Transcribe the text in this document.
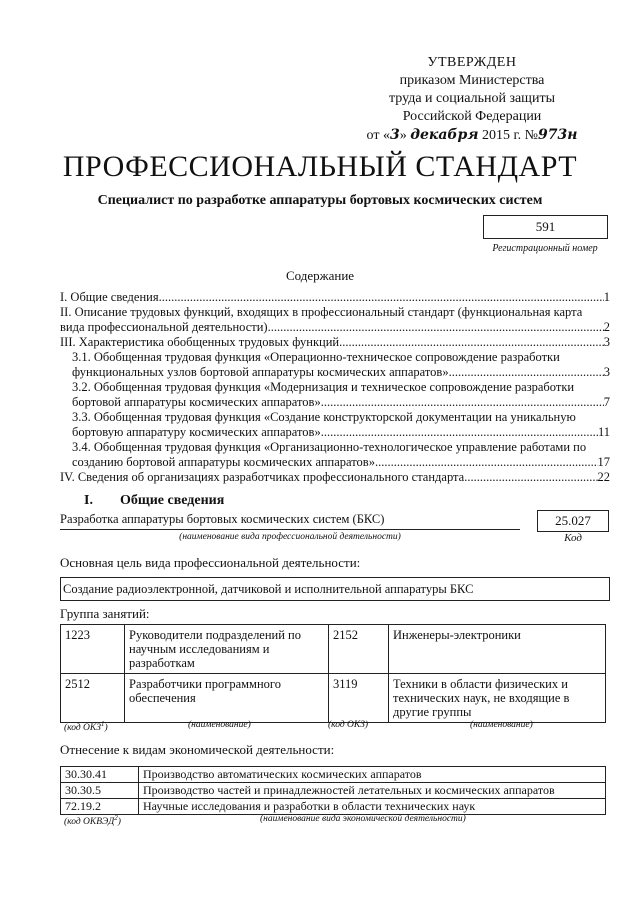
УТВЕРЖДЕН
приказом Министерства
труда и социальной защиты
Российской Федерации
от «3» декабря 2015 г. №973н
ПРОФЕССИОНАЛЬНЫЙ СТАНДАРТ
Специалист по разработке аппаратуры бортовых космических систем
591
Регистрационный номер
Содержание
I. Общие сведения .....	1
II. Описание трудовых функций, входящих в профессиональный стандарт (функциональная карта
вида профессиональной деятельности) .....	2
III. Характеристика обобщенных трудовых функций .....	3
3.1. Обобщенная трудовая функция «Операционно-техническое сопровождение разработки
функциональных узлов бортовой аппаратуры космических аппаратов» .....	3
3.2. Обобщенная трудовая функция «Модернизация и техническое сопровождение разработки
бортовой аппаратуры космических аппаратов» .....	7
3.3. Обобщенная трудовая функция «Создание конструкторской документации на уникальную
бортовую аппаратуру космических аппаратов» .....	11
3.4. Обобщенная трудовая функция «Организационно-технологическое управление работами по
созданию бортовой аппаратуры космических аппаратов» .....	17
IV. Сведения об организациях разработчиках профессионального стандарта .....	22
I. Общие сведения
Разработка аппаратуры бортовых космических систем (БКС)	25.027
(наименование вида профессиональной деятельности)	Код
Основная цель вида профессиональной деятельности:
Создание радиоэлектронной, датчиковой и исполнительной аппаратуры БКС
Группа занятий:
1223	Руководители подразделений по научным исследованиям и разработкам	2152	Инженеры-электроники
2512	Разработчики программного обеспечения	3119	Техники в области физических и технических наук, не входящие в другие группы
(код ОКЗ$^1$)	(наименование)	(код ОКЗ)	(наименование)
Отнесение к видам экономической деятельности:
30.30.41	Производство автоматических космических аппаратов
30.30.5	Производство частей и принадлежностей летательных и космических аппаратов
72.19.2	Научные исследования и разработки в области технических наук
(код ОКВЭД$^2$)	(наименование вида экономической деятельности)
